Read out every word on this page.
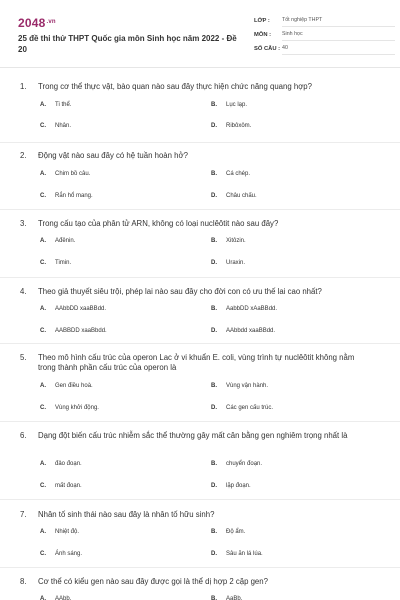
$2048^{.vn}$
25 đề thi thử THPT Quốc gia môn Sinh học năm 2022 - Đề 20
LỚP :	Tốt nghiệp THPT
MÔN :	Sinh học
SỐ CÂU : 40
1. Trong cơ thể thực vật, bào quan nào sau đây thực hiện chức năng quang hợp?
A.	Ti thể.	B.	Lục lạp.
C.	Nhân.	D.	Ribôxôm.
2. Động vật nào sau đây có hệ tuần hoàn hở?
A.	Chim bồ câu.	B.	Cá chép.
C.	Rắn hổ mang.	D.	Châu chấu.
3. Trong cấu tạo của phân tử ARN, không có loại nuclêôtit nào sau đây?
A.	Ađênin.	B.	Xitôzin.
C.	Timin.	D.	Uraxin.
4. Theo giả thuyết siêu trội, phép lai nào sau đây cho đời con có ưu thế lai cao nhất?
A.	AAbbDD xaaBBdd.	B.	AabbDD xAaBBdd.
C.	AABBDD xaaBbdd.	D.	AAbbdd xaaBBdd.
5. Theo mô hình cấu trúc của operon Lac ở vi khuẩn E. coli, vùng trình tự nuclêôtit không nằm trong thành phần cấu trúc của operon là
A.	Gen điều hoà.	B.	Vùng vận hành.
C.	Vùng khởi động.	D.	Các gen cấu trúc.
6. Dạng đột biến cấu trúc nhiễm sắc thể thường gây mất cân bằng gen nghiêm trọng nhất là
A.	đảo đoạn.	B.	chuyển đoạn.
C.	mất đoạn.	D.	lặp đoạn.
7. Nhân tố sinh thái nào sau đây là nhân tố hữu sinh?
A.	Nhiệt độ.	B.	Độ ẩm.
C.	Ánh sáng.	D.	Sâu ăn lá lúa.
8. Cơ thể có kiểu gen nào sau đây được gọi là thể dị hợp 2 cặp gen?
A.	AAbb.	B.	AaBb.
